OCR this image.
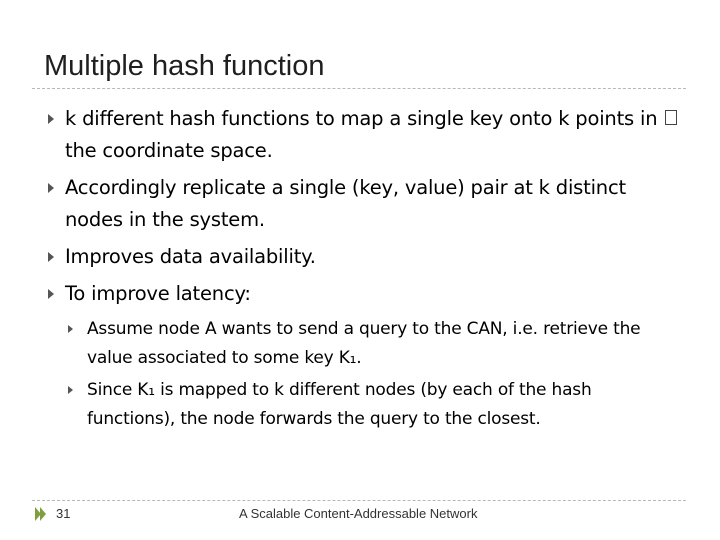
Multiple hash function
k different hash functions to map a single key onto k points in the coordinate space.
Accordingly replicate a single (key, value) pair at k distinct nodes in the system.
Improves data availability.
To improve latency:
Assume node A wants to send a query to the CAN, i.e. retrieve the value associated to some key K₁.
Since K₁ is mapped to k different nodes (by each of the hash functions), the node forwards the query to the closest.
31	A Scalable Content-Addressable Network
